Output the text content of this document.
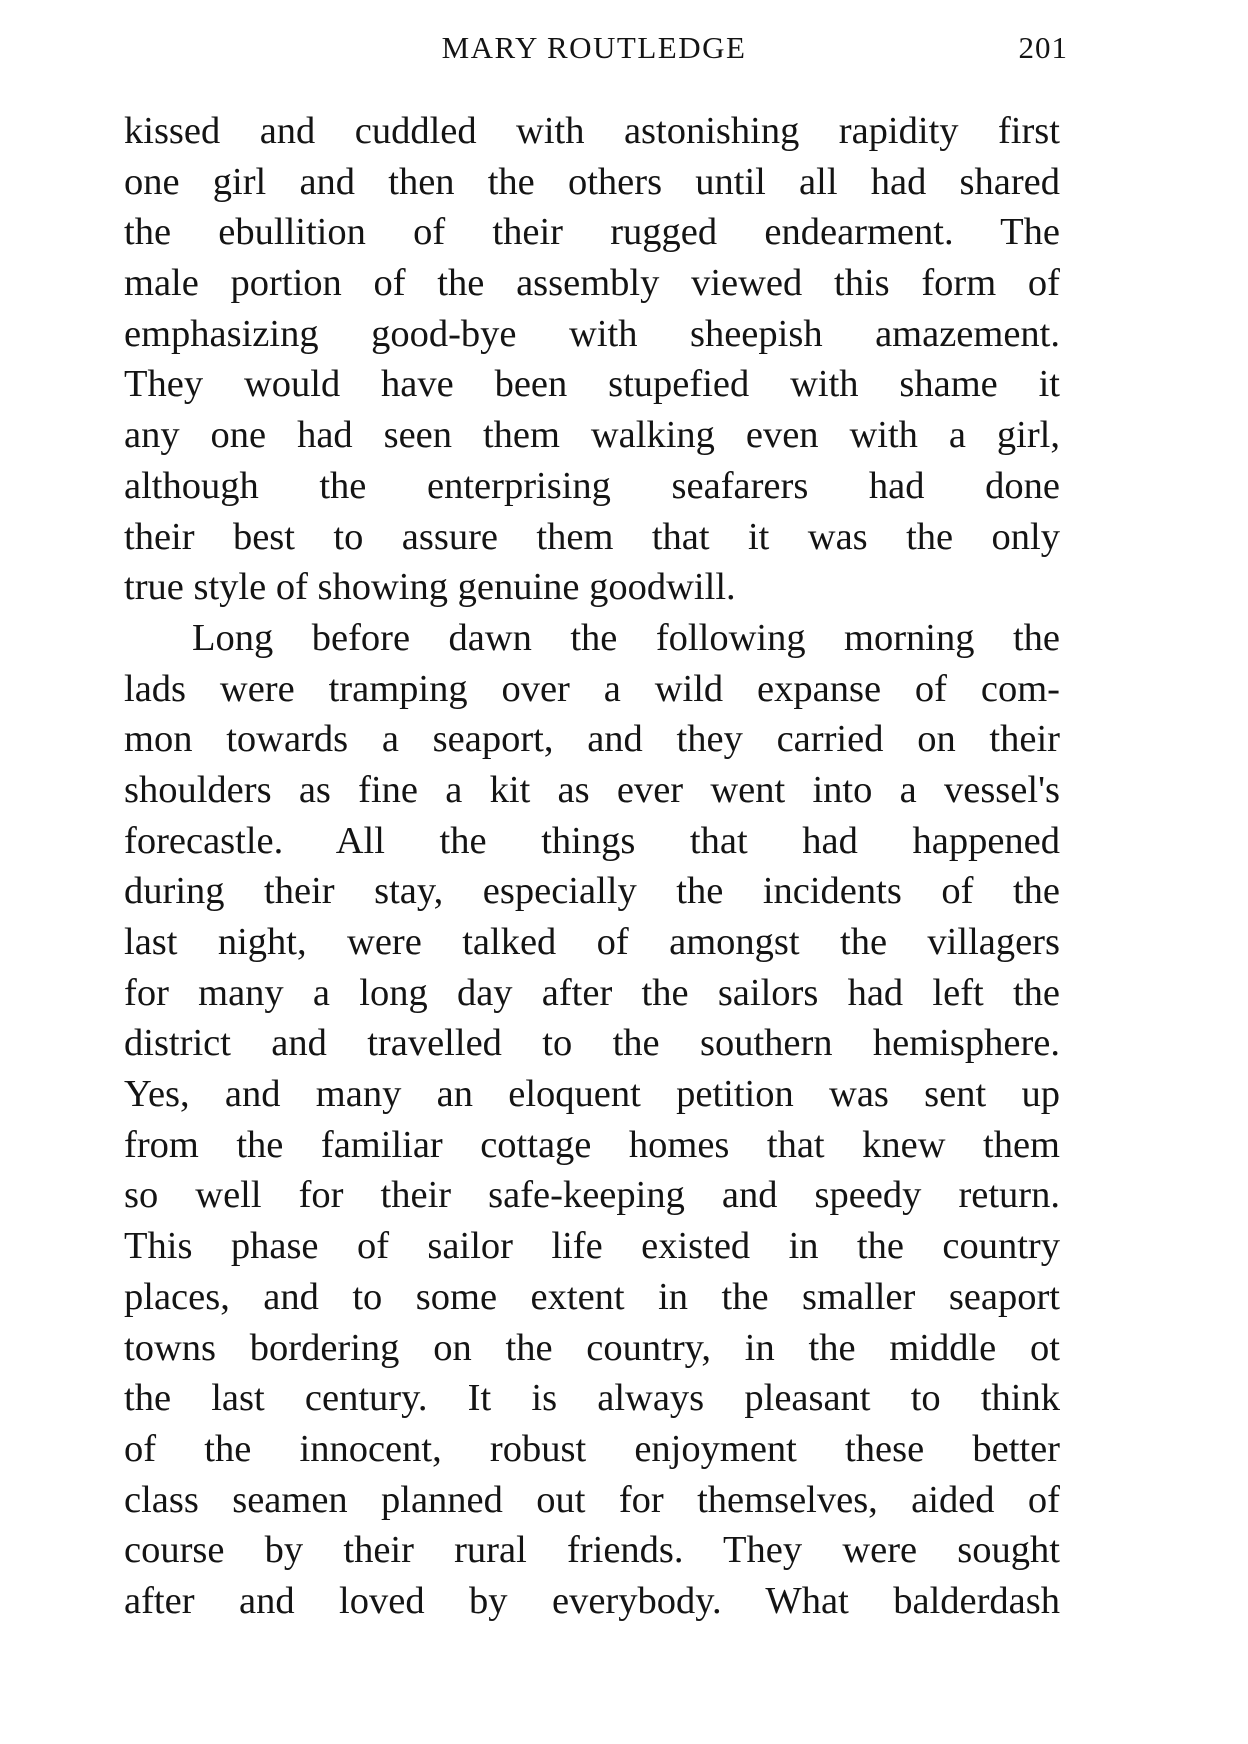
MARY ROUTLEDGE	201
kissed and cuddled with astonishing rapidity first
one girl and then the others until all had shared
the ebullition of their rugged endearment. The
male portion of the assembly viewed this form of
emphasizing good-bye with sheepish amazement.
They would have been stupefied with shame it
any one had seen them walking even with a girl,
although the enterprising seafarers had done
their best to assure them that it was the only
true style of showing genuine goodwill.
Long before dawn the following morning the
lads were tramping over a wild expanse of com-
mon towards a seaport, and they carried on their
shoulders as fine a kit as ever went into a vessel's
forecastle. All the things that had happened
during their stay, especially the incidents of the
last night, were talked of amongst the villagers
for many a long day after the sailors had left the
district and travelled to the southern hemisphere.
Yes, and many an eloquent petition was sent up
from the familiar cottage homes that knew them
so well for their safe-keeping and speedy return.
This phase of sailor life existed in the country
places, and to some extent in the smaller seaport
towns bordering on the country, in the middle ot
the last century. It is always pleasant to think
of the innocent, robust enjoyment these better
class seamen planned out for themselves, aided of
course by their rural friends. They were sought
after and loved by everybody. What balderdash
